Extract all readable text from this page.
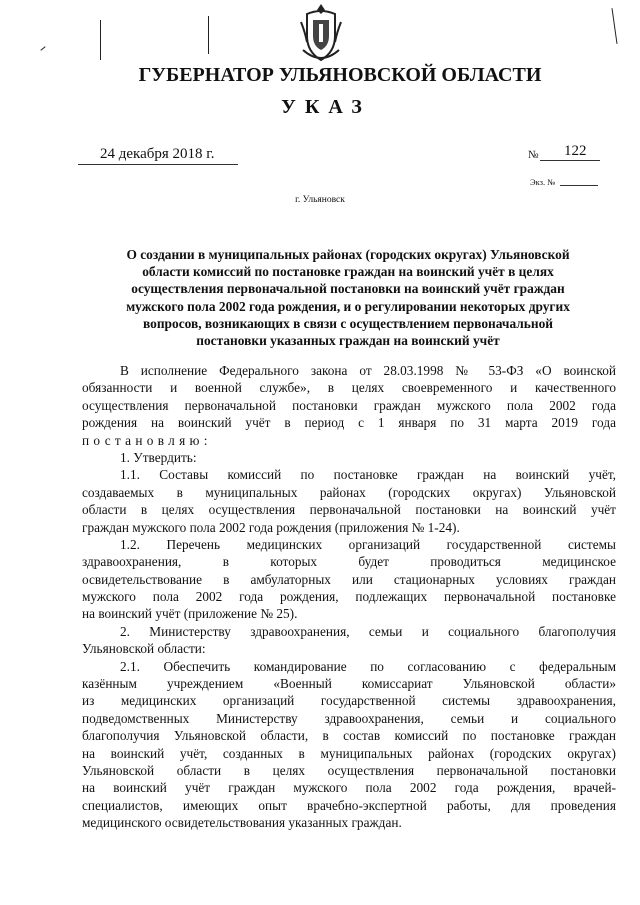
ГУБЕРНАТОР УЛЬЯНОВСКОЙ ОБЛАСТИ
УКАЗ
24 декабря 2018 г.	№ 122
Экз. №
г. Ульяновск
О создании в муниципальных районах (городских округах) Ульяновской
области комиссий по постановке граждан на воинский учёт в целях
осуществления первоначальной постановки на воинский учёт граждан
мужского пола 2002 года рождения, и о регулировании некоторых других
вопросов, возникающих в связи с осуществлением первоначальной
постановки указанных граждан на воинский учёт
В исполнение Федерального закона от 28.03.1998 № 53-ФЗ «О воинской
обязанности и военной службе», в целях своевременного и качественного
осуществления первоначальной постановки граждан мужского пола 2002 года
рождения на воинский учёт в период с 1 января по 31 марта 2019 года
постановляю:
1. Утвердить:
1.1. Составы комиссий по постановке граждан на воинский учёт,
создаваемых в муниципальных районах (городских округах) Ульяновской
области в целях осуществления первоначальной постановки на воинский учёт
граждан мужского пола 2002 года рождения (приложения № 1-24).
1.2. Перечень медицинских организаций государственной системы
здравоохранения, в которых будет проводиться медицинское
освидетельствование в амбулаторных или стационарных условиях граждан
мужского пола 2002 года рождения, подлежащих первоначальной постановке
на воинский учёт (приложение № 25).
2. Министерству здравоохранения, семьи и социального благополучия
Ульяновской области:
2.1. Обеспечить командирование по согласованию с федеральным
казённым учреждением «Военный комиссариат Ульяновской области»
из медицинских организаций государственной системы здравоохранения,
подведомственных Министерству здравоохранения, семьи и социального
благополучия Ульяновской области, в состав комиссий по постановке граждан
на воинский учёт, созданных в муниципальных районах (городских округах)
Ульяновской области в целях осуществления первоначальной постановки
на воинский учёт граждан мужского пола 2002 года рождения, врачей-
специалистов, имеющих опыт врачебно-экспертной работы, для проведения
медицинского освидетельствования указанных граждан.
